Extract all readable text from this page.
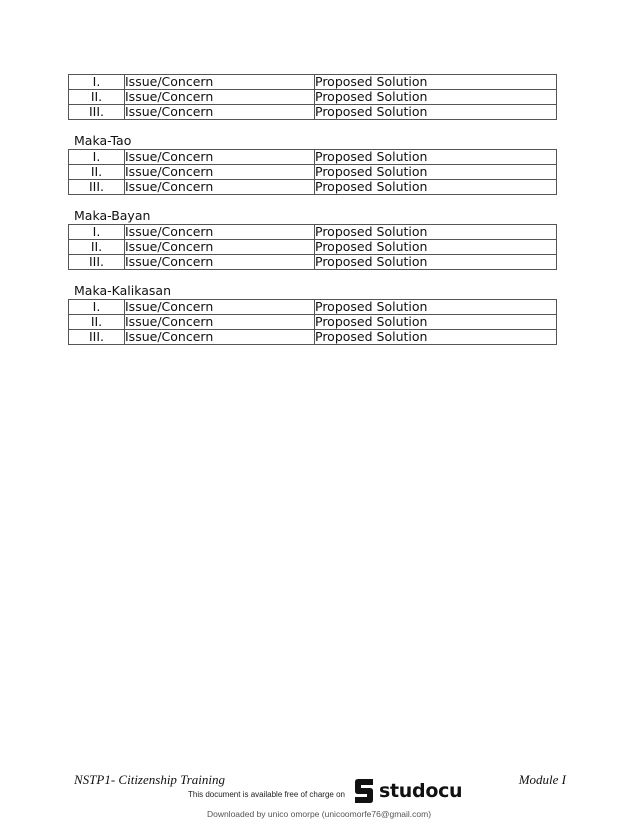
I.	Issue/Concern	Proposed Solution
II.	Issue/Concern	Proposed Solution
III.	Issue/Concern	Proposed Solution
Maka-Tao
I.	Issue/Concern	Proposed Solution
II.	Issue/Concern	Proposed Solution
III.	Issue/Concern	Proposed Solution
Maka-Bayan
I.	Issue/Concern	Proposed Solution
II.	Issue/Concern	Proposed Solution
III.	Issue/Concern	Proposed Solution
Maka-Kalikasan
I.	Issue/Concern	Proposed Solution
II.	Issue/Concern	Proposed Solution
III.	Issue/Concern	Proposed Solution
NSTP1- Citizenship Training	Module I
This document is available free of charge on studocu
Downloaded by unico omorpe (unicoomorfe76@gmail.com)
